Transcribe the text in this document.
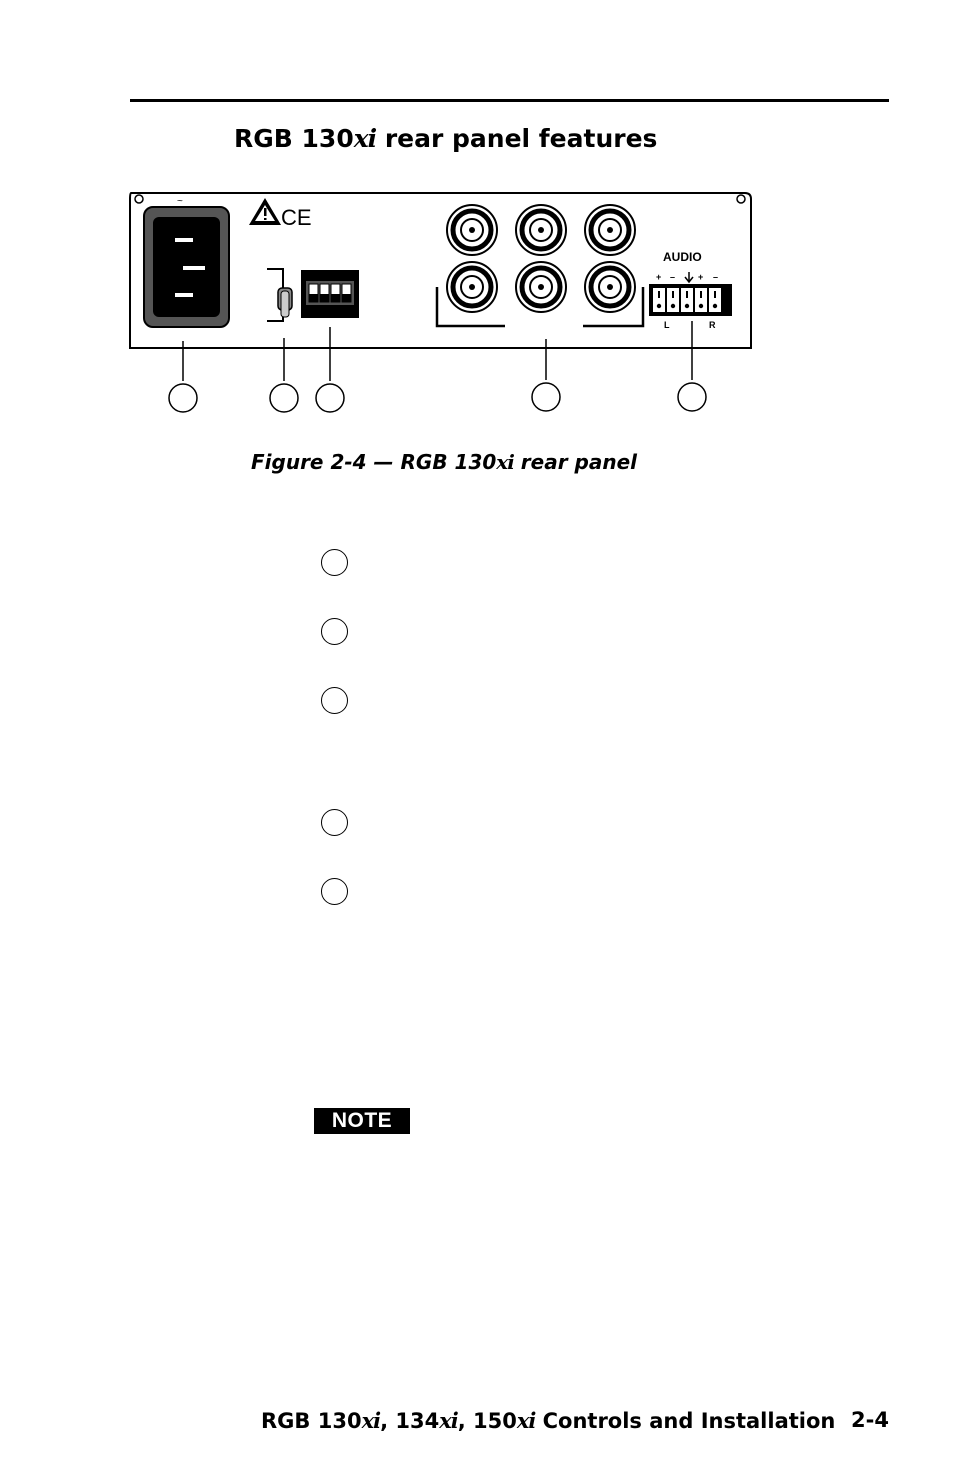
RGB 130xi rear panel features
~
CE
AUDIO
+ –	+ –
L	R
Figure 2-4 — RGB 130xi rear panel
NOTE
RGB 130xi, 134xi, 150xi Controls and Installation 2-4
